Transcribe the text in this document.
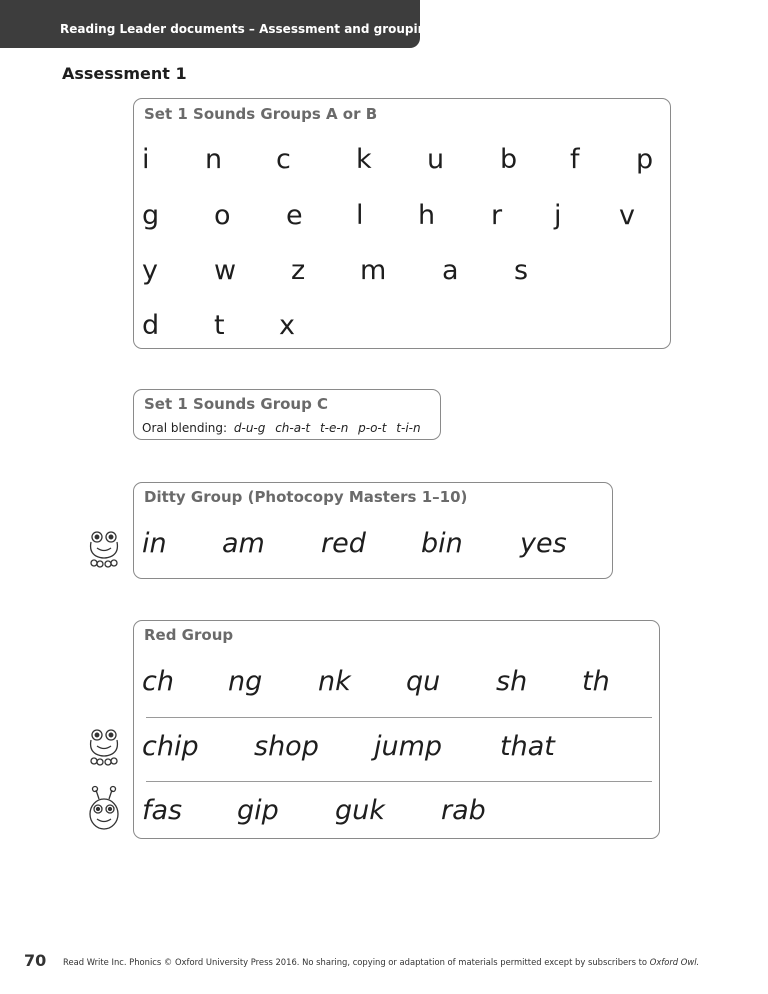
Reading Leader documents – Assessment and grouping
Assessment 1
Set 1 Sounds Groups A or B
i n c k u b f p
g o e l h r j v
y w z m a s
d t x
Set 1 Sounds Group C
Oral blending: d-u-g ch-a-t t-e-n p-o-t t-i-n
Ditty Group (Photocopy Masters 1–10)
in am red bin yes
Red Group
ch ng nk qu sh th
chip shop jump that
fas gip guk rab
70 Read Write Inc. Phonics © Oxford University Press 2016. No sharing, copying or adaptation of materials permitted except by subscribers to Oxford Owl.
